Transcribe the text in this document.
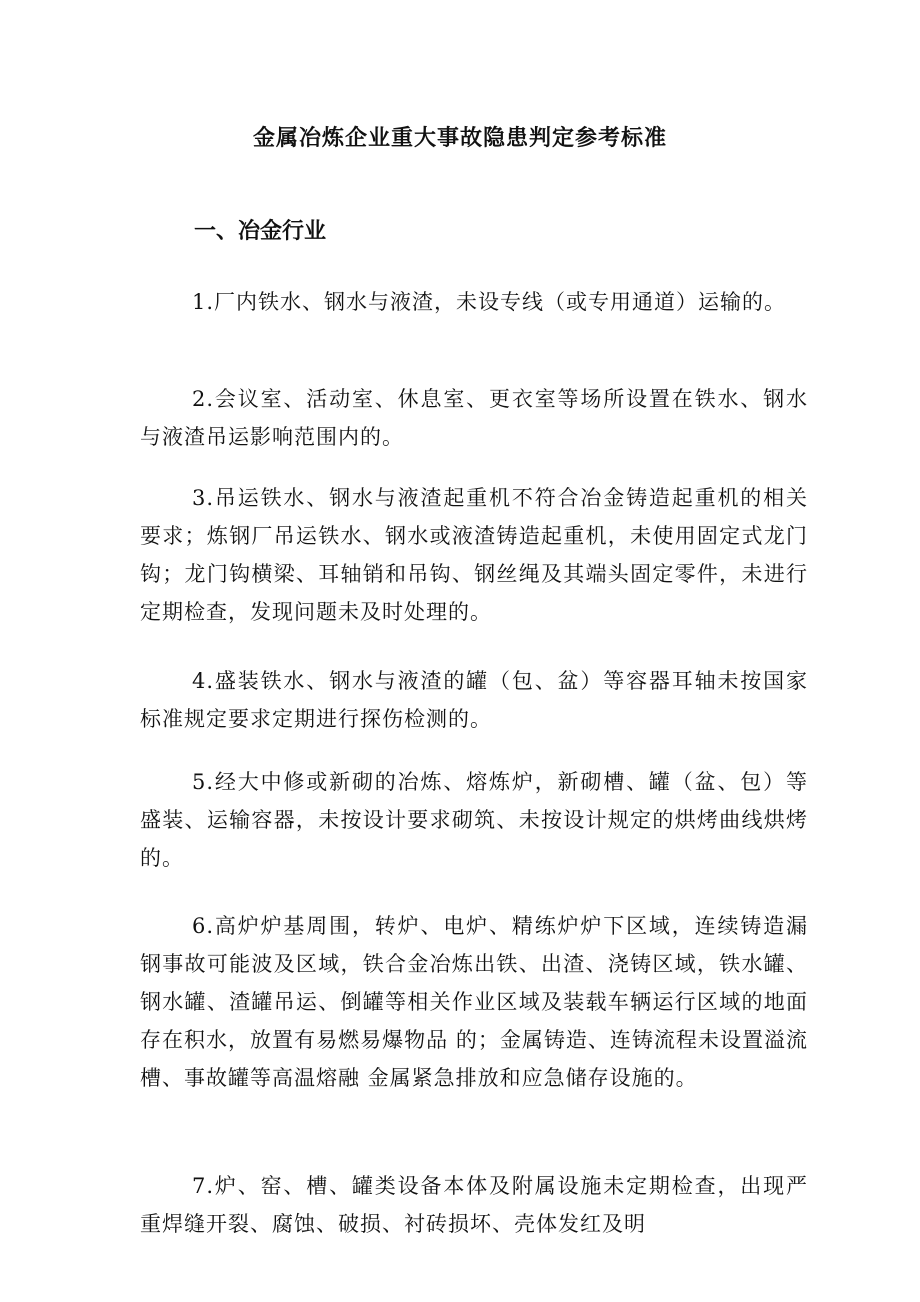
金属冶炼企业重大事故隐患判定参考标准
一、冶金行业

1.厂内铁水、钢水与液渣，未设专线（或专用通道）运输的。

2.会议室、活动室、休息室、更衣室等场所设置在铁水、钢水与液渣吊运影响范围内的。

3.吊运铁水、钢水与液渣起重机不符合冶金铸造起重机的相关要求；炼钢厂吊运铁水、钢水或液渣铸造起重机，未使用固定式龙门钩；龙门钩横梁、耳轴销和吊钩、钢丝绳及其端头固定零件，未进行定期检查，发现问题未及时处理的。

4.盛装铁水、钢水与液渣的罐（包、盆）等容器耳轴未按国家标准规定要求定期进行探伤检测的。

5.经大中修或新砌的冶炼、熔炼炉，新砌槽、罐（盆、包）等盛装、运输容器，未按设计要求砌筑、未按设计规定的烘烤曲线烘烤的。

6.高炉炉基周围，转炉、电炉、精练炉炉下区域，连续铸造漏钢事故可能波及区域，铁合金冶炼出铁、出渣、浇铸区域，铁水罐、钢水罐、渣罐吊运、倒罐等相关作业区域及装载车辆运行区域的地面存在积水，放置有易燃易爆物品 的；金属铸造、连铸流程未设置溢流槽、事故罐等高温熔融 金属紧急排放和应急储存设施的。

7.炉、窑、槽、罐类设备本体及附属设施未定期检查，出现严重焊缝开裂、腐蚀、破损、衬砖损坏、壳体发红及明
